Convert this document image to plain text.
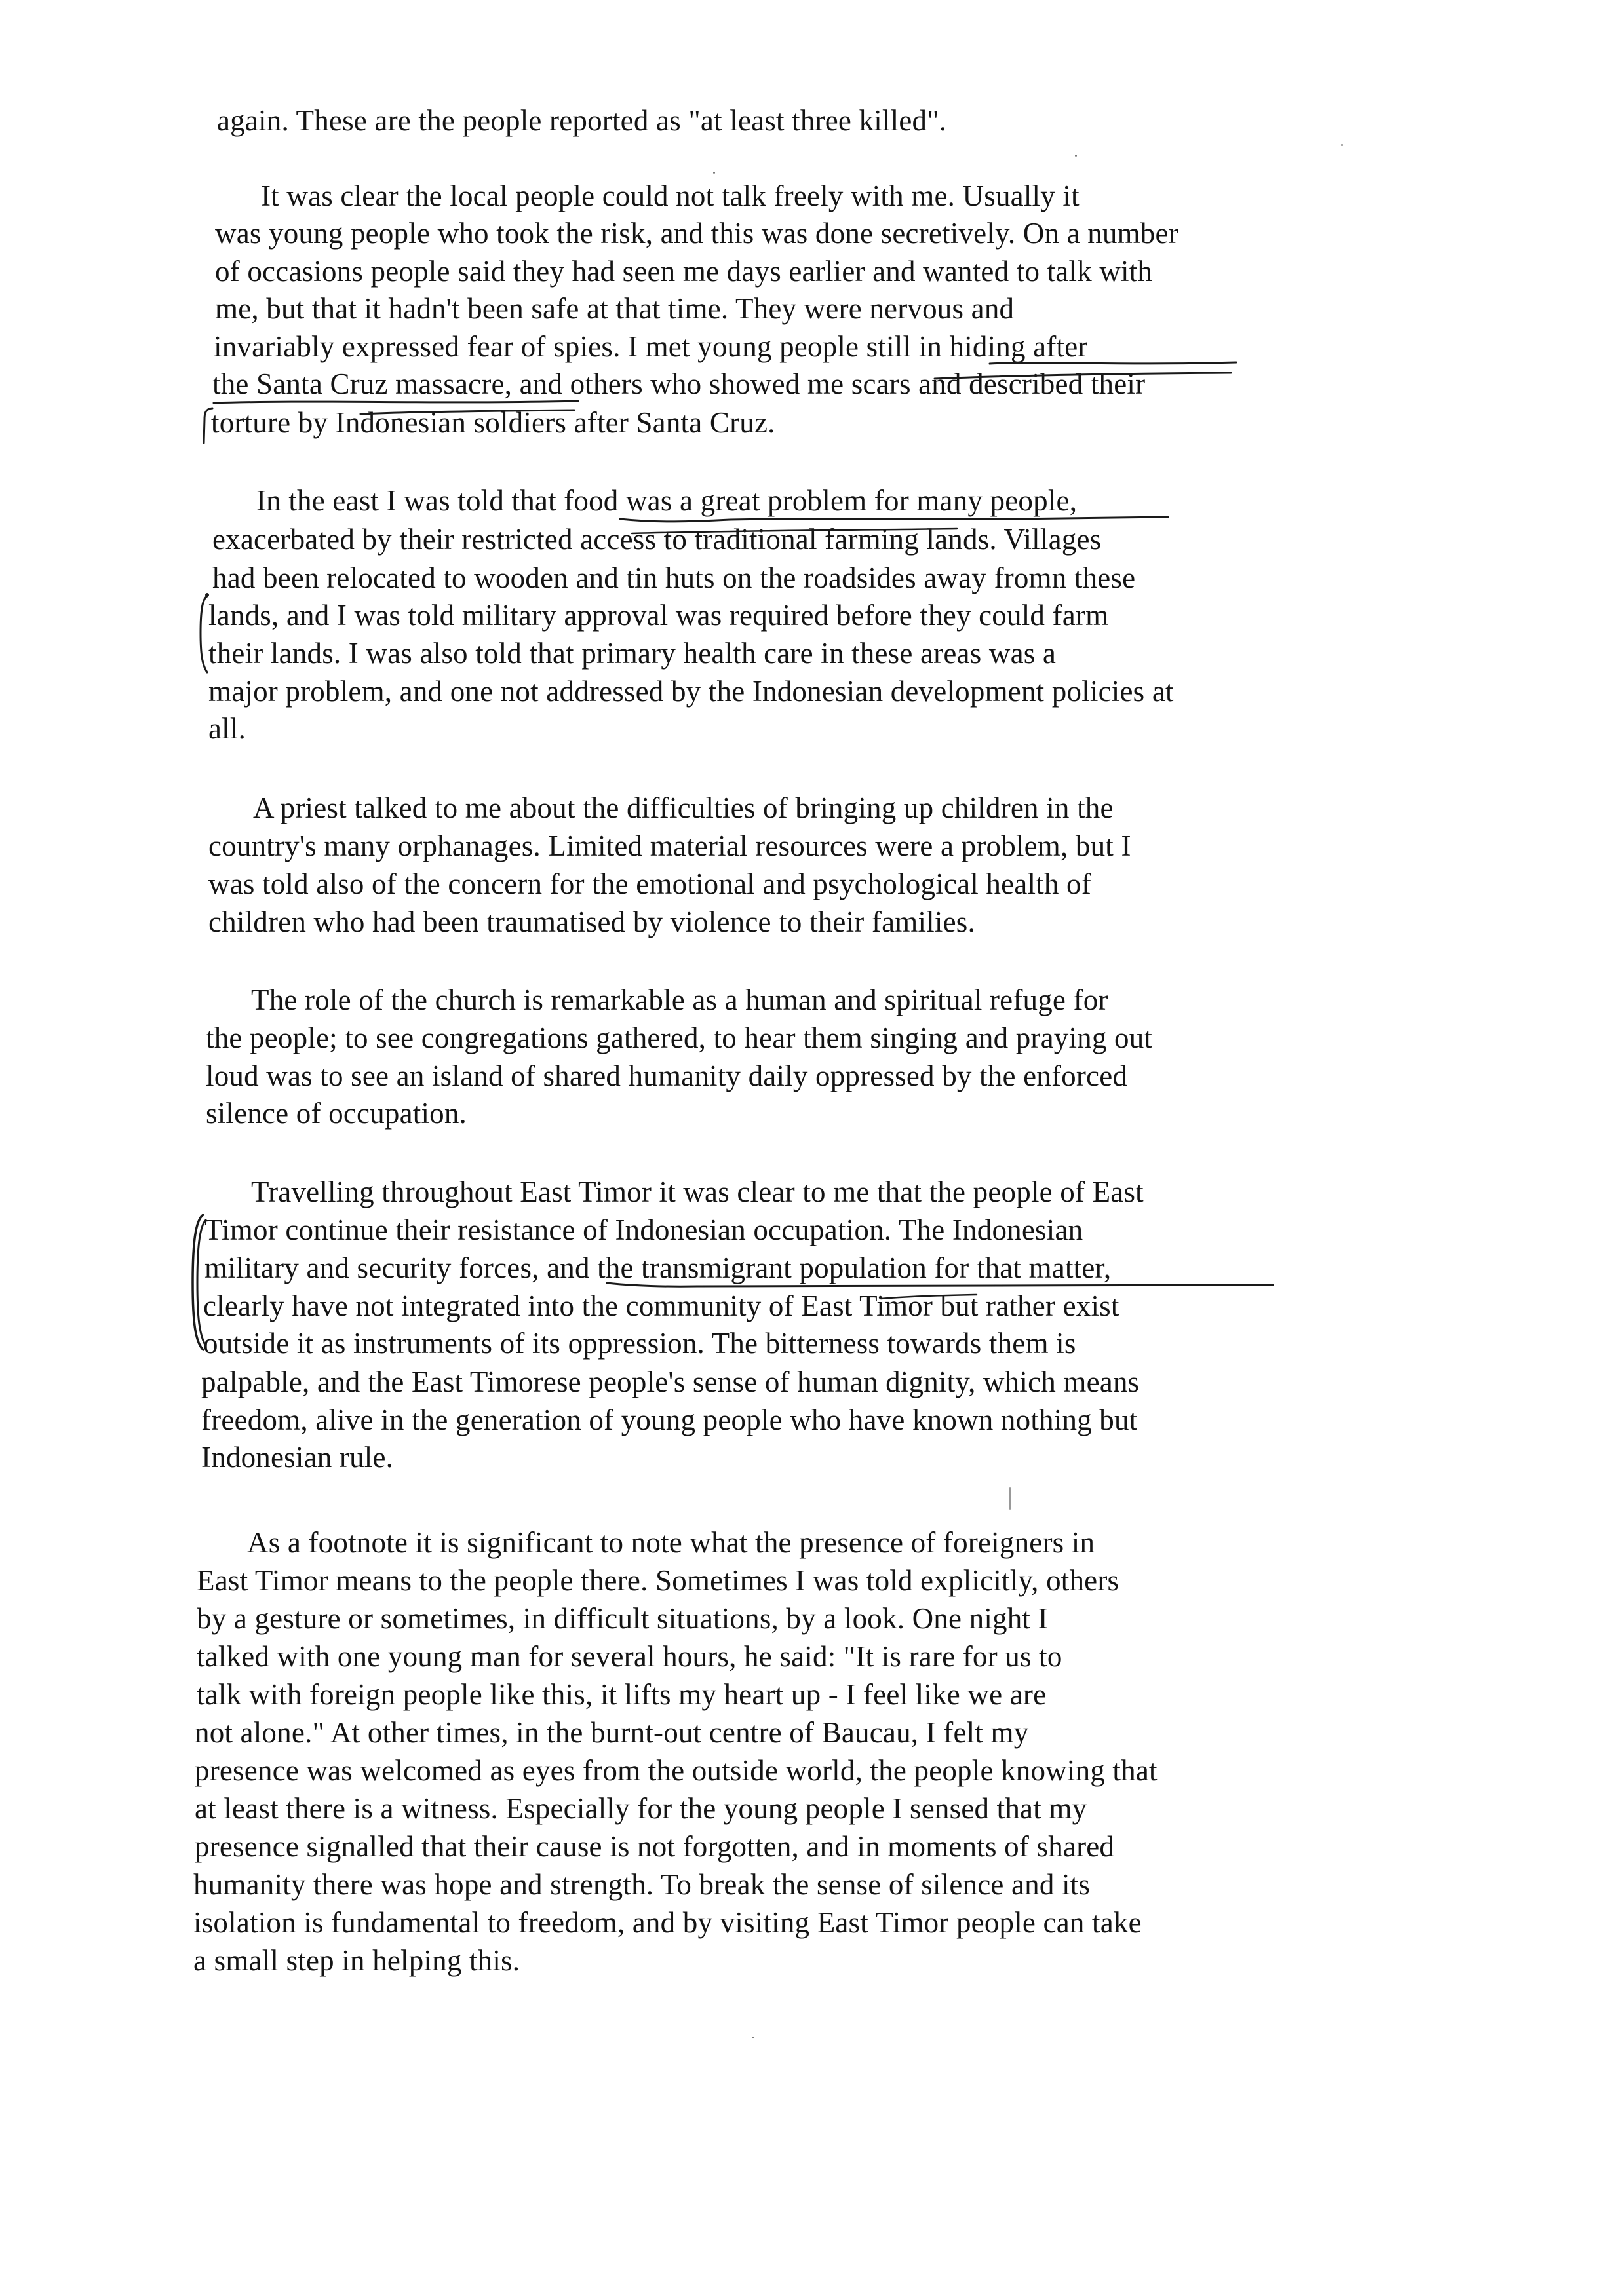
again. These are the people reported as "at least three killed".
It was clear the local people could not talk freely with me. Usually it
was young people who took the risk, and this was done secretively. On a number
of occasions people said they had seen me days earlier and wanted to talk with
me, but that it hadn't been safe at that time. They were nervous and
invariably expressed fear of spies. I met young people still in hiding after
the Santa Cruz massacre, and others who showed me scars and described their
torture by Indonesian soldiers after Santa Cruz.
In the east I was told that food was a great problem for many people,
exacerbated by their restricted access to traditional farming lands. Villages
had been relocated to wooden and tin huts on the roadsides away fromn these
lands, and I was told military approval was required before they could farm
their lands. I was also told that primary health care in these areas was a
major problem, and one not addressed by the Indonesian development policies at
all.
A priest talked to me about the difficulties of bringing up children in the
country's many orphanages. Limited material resources were a problem, but I
was told also of the concern for the emotional and psychological health of
children who had been traumatised by violence to their families.
The role of the church is remarkable as a human and spiritual refuge for
the people; to see congregations gathered, to hear them singing and praying out
loud was to see an island of shared humanity daily oppressed by the enforced
silence of occupation.
Travelling throughout East Timor it was clear to me that the people of East
Timor continue their resistance of Indonesian occupation. The Indonesian
military and security forces, and the transmigrant population for that matter,
clearly have not integrated into the community of East Timor but rather exist
outside it as instruments of its oppression. The bitterness towards them is
palpable, and the East Timorese people's sense of human dignity, which means
freedom, alive in the generation of young people who have known nothing but
Indonesian rule.
As a footnote it is significant to note what the presence of foreigners in
East Timor means to the people there. Sometimes I was told explicitly, others
by a gesture or sometimes, in difficult situations, by a look. One night I
talked with one young man for several hours, he said: "It is rare for us to
talk with foreign people like this, it lifts my heart up - I feel like we are
not alone." At other times, in the burnt-out centre of Baucau, I felt my
presence was welcomed as eyes from the outside world, the people knowing that
at least there is a witness. Especially for the young people I sensed that my
presence signalled that their cause is not forgotten, and in moments of shared
humanity there was hope and strength. To break the sense of silence and its
isolation is fundamental to freedom, and by visiting East Timor people can take
a small step in helping this.
